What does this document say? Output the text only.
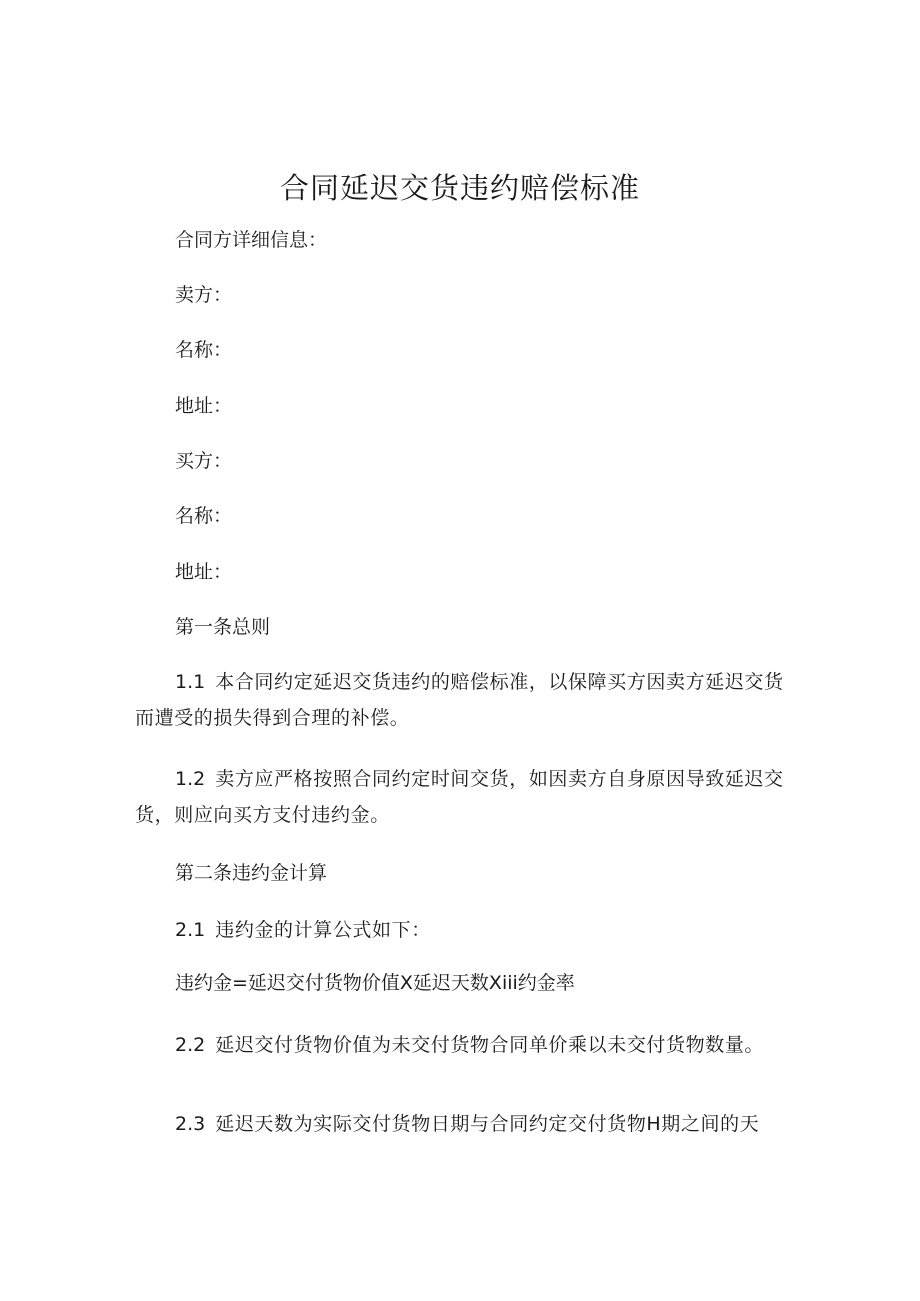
合同延迟交货违约赔偿标准

合同方详细信息：

卖方：

名称：

地址：

买方：

名称：

地址：

第一条总则

1.1 本合同约定延迟交货违约的赔偿标准，以保障买方因卖方延迟交货而遭受的损失得到合理的补偿。

1.2 卖方应严格按照合同约定时间交货，如因卖方自身原因导致延迟交货，则应向买方支付违约金。

第二条违约金计算

2.1 违约金的计算公式如下：

违约金=延迟交付货物价值X延迟天数Xiii约金率

2.2 延迟交付货物价值为未交付货物合同单价乘以未交付货物数量。

2.3 延迟天数为实际交付货物日期与合同约定交付货物H期之间的天
